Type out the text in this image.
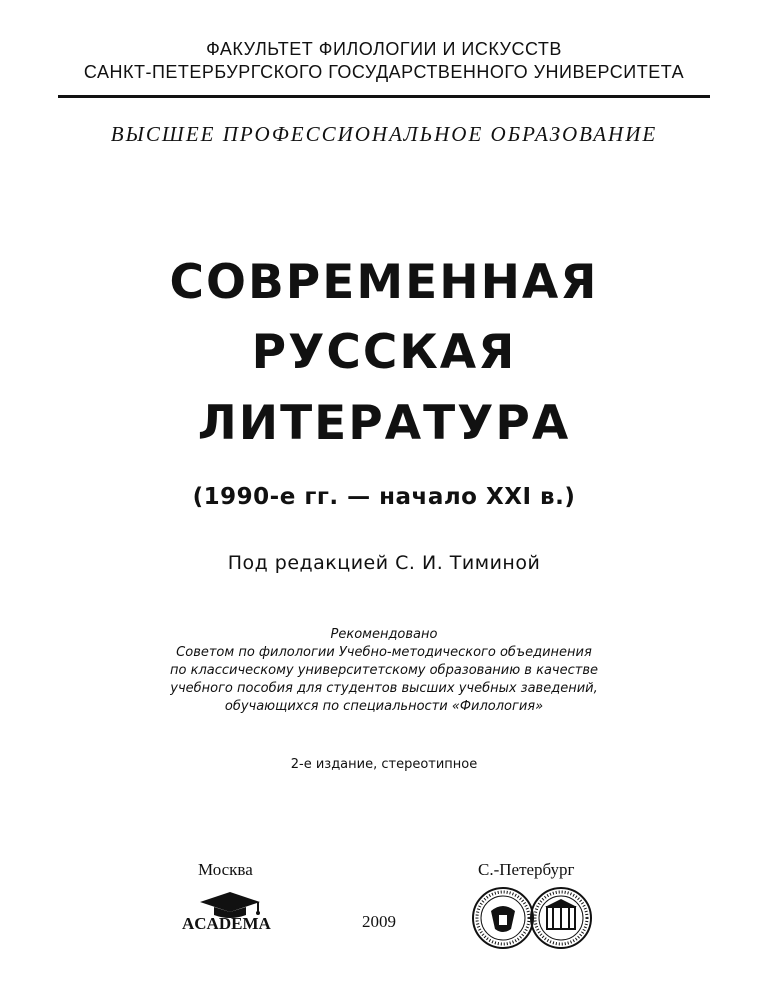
ФАКУЛЬТЕТ ФИЛОЛОГИИ И ИСКУССТВ
САНКТ-ПЕТЕРБУРГСКОГО ГОСУДАРСТВЕННОГО УНИВЕРСИТЕТА
ВЫСШЕЕ ПРОФЕССИОНАЛЬНОЕ ОБРАЗОВАНИЕ
СОВРЕМЕННАЯ
РУССКАЯ
ЛИТЕРАТУРА
(1990-е гг. — начало XXI в.)
Под редакцией С. И. Тиминой
Рекомендовано
Советом по филологии Учебно-методического объединения
по классическому университетскому образованию в качестве
учебного пособия для студентов высших учебных заведений,
обучающихся по специальности «Филология»
2-е издание, стереотипное
Москва	С.-Петербург
2009
ACADEMA
